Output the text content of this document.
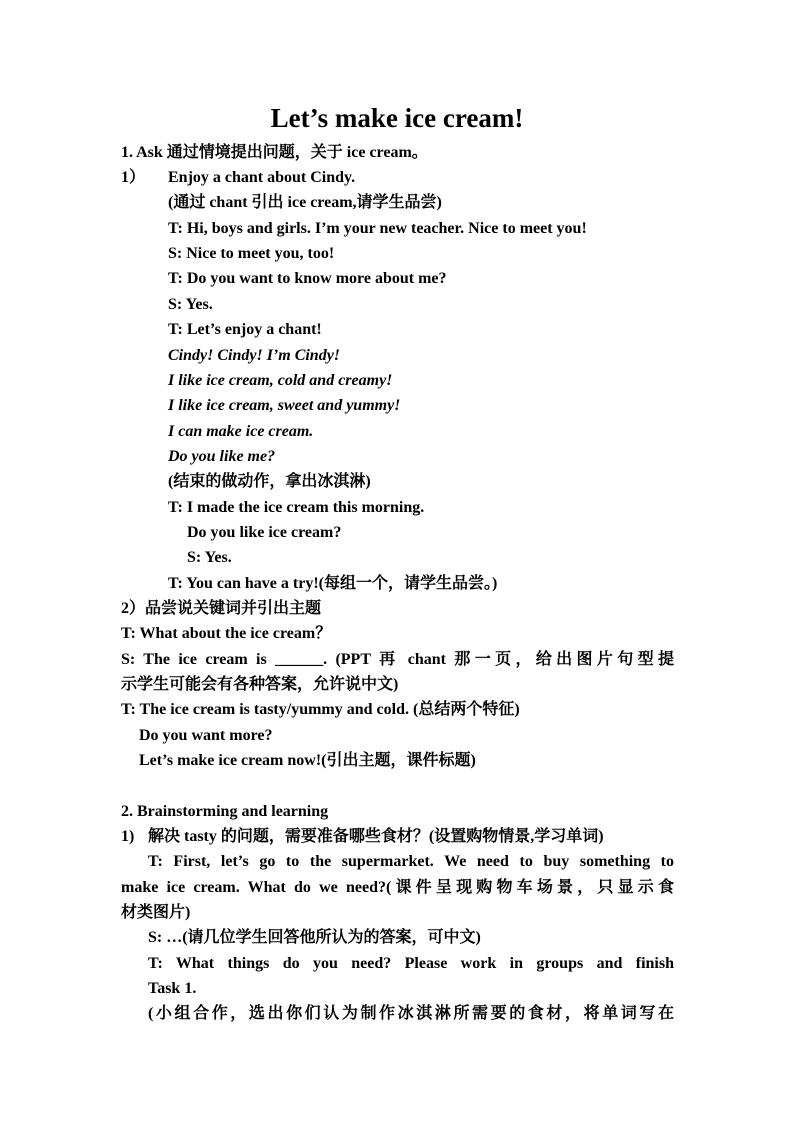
Let’s make ice cream!

1. Ask 通过情境提出问题，关于 ice cream。

1） Enjoy a chant about Cindy.

(通过 chant 引出 ice cream,请学生品尝)

T: Hi, boys and girls. I’m your new teacher. Nice to meet you!

S: Nice to meet you, too!

T: Do you want to know more about me?

S: Yes.

T: Let’s enjoy a chant!

Cindy! Cindy! I’m Cindy!

I like ice cream, cold and creamy!

I like ice cream, sweet and yummy!

I can make ice cream.

Do you like me?

(结束的做动作，拿出冰淇淋)

T: I made the ice cream this morning.

Do you like ice cream?

S: Yes.

T: You can have a try!(每组一个，请学生品尝。)

2）品尝说关键词并引出主题

T: What about the ice cream？

S: The ice cream is ______. (PPT 再 chant 那一页，给出图片句型提

示学生可能会有各种答案，允许说中文)

T: The ice cream is tasty/yummy and cold. (总结两个特征)

Do you want more?

Let’s make ice cream now!(引出主题，课件标题)

2. Brainstorming and learning

1) 解决 tasty 的问题，需要准备哪些食材？(设置购物情景,学习单词)

T: First, let’s go to the supermarket. We need to buy something to

make ice cream. What do we need?(课件呈现购物车场景，只显示食

材类图片)

S: …(请几位学生回答他所认为的答案，可中文)

T: What things do you need? Please work in groups and finish

Task 1.

(小组合作，选出你们认为制作冰淇淋所需要的食材，将单词写在
